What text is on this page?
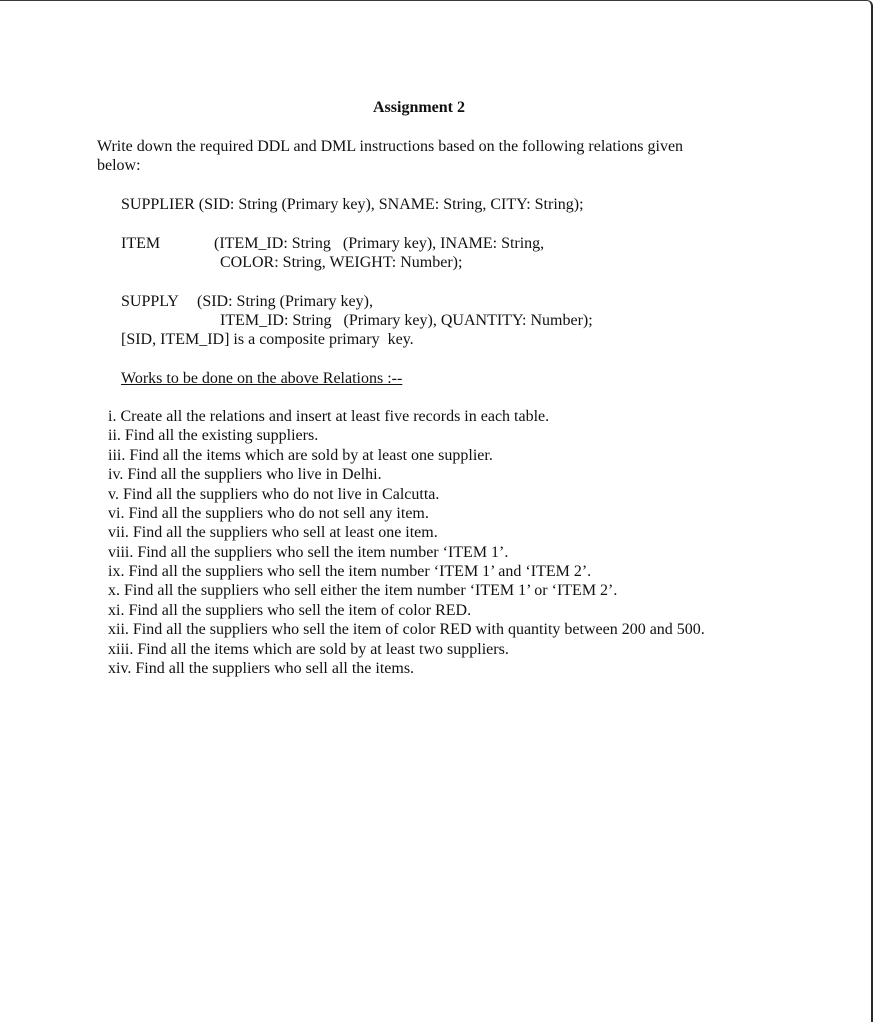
Assignment 2

Write down the required DDL and DML instructions based on the following relations given

below:

SUPPLIER (SID: String (Primary key), SNAME: String, CITY: String);

ITEM	(ITEM_ID: String   (Primary key), INAME: String,

COLOR: String, WEIGHT: Number);

SUPPLY (SID: String (Primary key),

ITEM_ID: String   (Primary key), QUANTITY: Number);

[SID, ITEM_ID] is a composite primary  key.

Works to be done on the above Relations :--

i. Create all the relations and insert at least five records in each table.

ii. Find all the existing suppliers.

iii. Find all the items which are sold by at least one supplier.

iv. Find all the suppliers who live in Delhi.

v. Find all the suppliers who do not live in Calcutta.

vi. Find all the suppliers who do not sell any item.

vii. Find all the suppliers who sell at least one item.

viii. Find all the suppliers who sell the item number ‘ITEM 1’.

ix. Find all the suppliers who sell the item number ‘ITEM 1’ and ‘ITEM 2’.

x. Find all the suppliers who sell either the item number ‘ITEM 1’ or ‘ITEM 2’.

xi. Find all the suppliers who sell the item of color RED.

xii. Find all the suppliers who sell the item of color RED with quantity between 200 and 500.

xiii. Find all the items which are sold by at least two suppliers.

xiv. Find all the suppliers who sell all the items.
